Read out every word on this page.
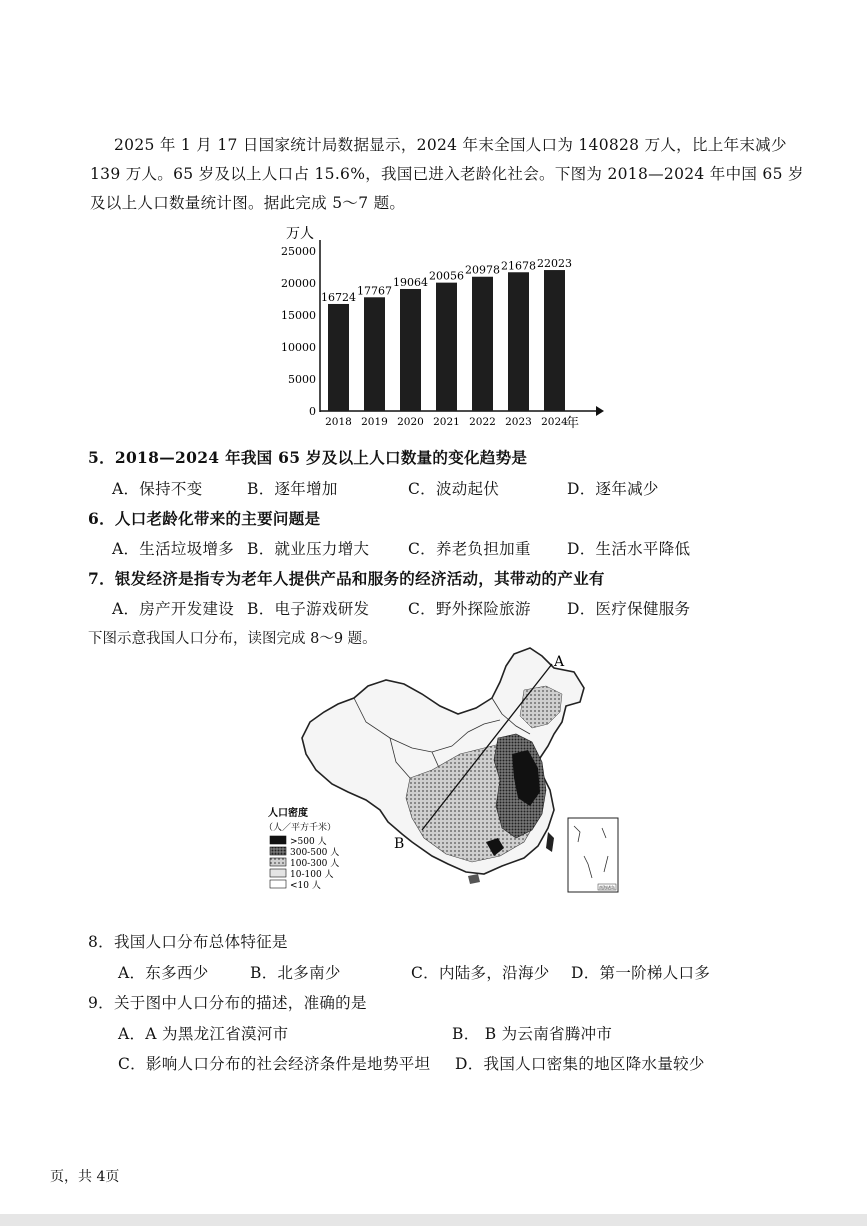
2025 年 1 月 17 日国家统计局数据显示，2024 年末全国人口为 140828 万人，比上年末减少 139 万人。65 岁及以上人口占 15.6%，我国已进入老龄化社会。下图为 2018—2024 年中国 65 岁及以上人口数量统计图。据此完成 5～7 题。
万人
年
25000
20000
15000
10000
5000
0
16724
2018
17767
2019
19064
2020
20056
2021
20978
2022
21678
2023
22023
2024
5．2018—2024 年我国 65 岁及以上人口数量的变化趋势是
A．保持不变	B．逐年增加	C．波动起伏	D．逐年减少
6．人口老龄化带来的主要问题是
A．生活垃圾增多 B．就业压力增大 C．养老负担加重 D．生活水平降低
7．银发经济是指专为老年人提供产品和服务的经济活动，其带动的产业有
A．房产开发建设 B．电子游戏研发 C．野外探险旅游 D．医疗保健服务
下图示意我国人口分布，读图完成 8～9 题。
A
B
人口密度
（人／平方千米）
>500 人
300-500 人
100-300 人
10-100 人
<10 人	南海诸岛
8．我国人口分布总体特征是
A．东多西少	B．北多南少	C．内陆多，沿海少 D．第一阶梯人口多
9．关于图中人口分布的描述，准确的是
A．A 为黑龙江省漠河市	B． B 为云南省腾冲市
C．影响人口分布的社会经济条件是地势平坦 D．我国人口密集的地区降水量较少
页，共 4页
